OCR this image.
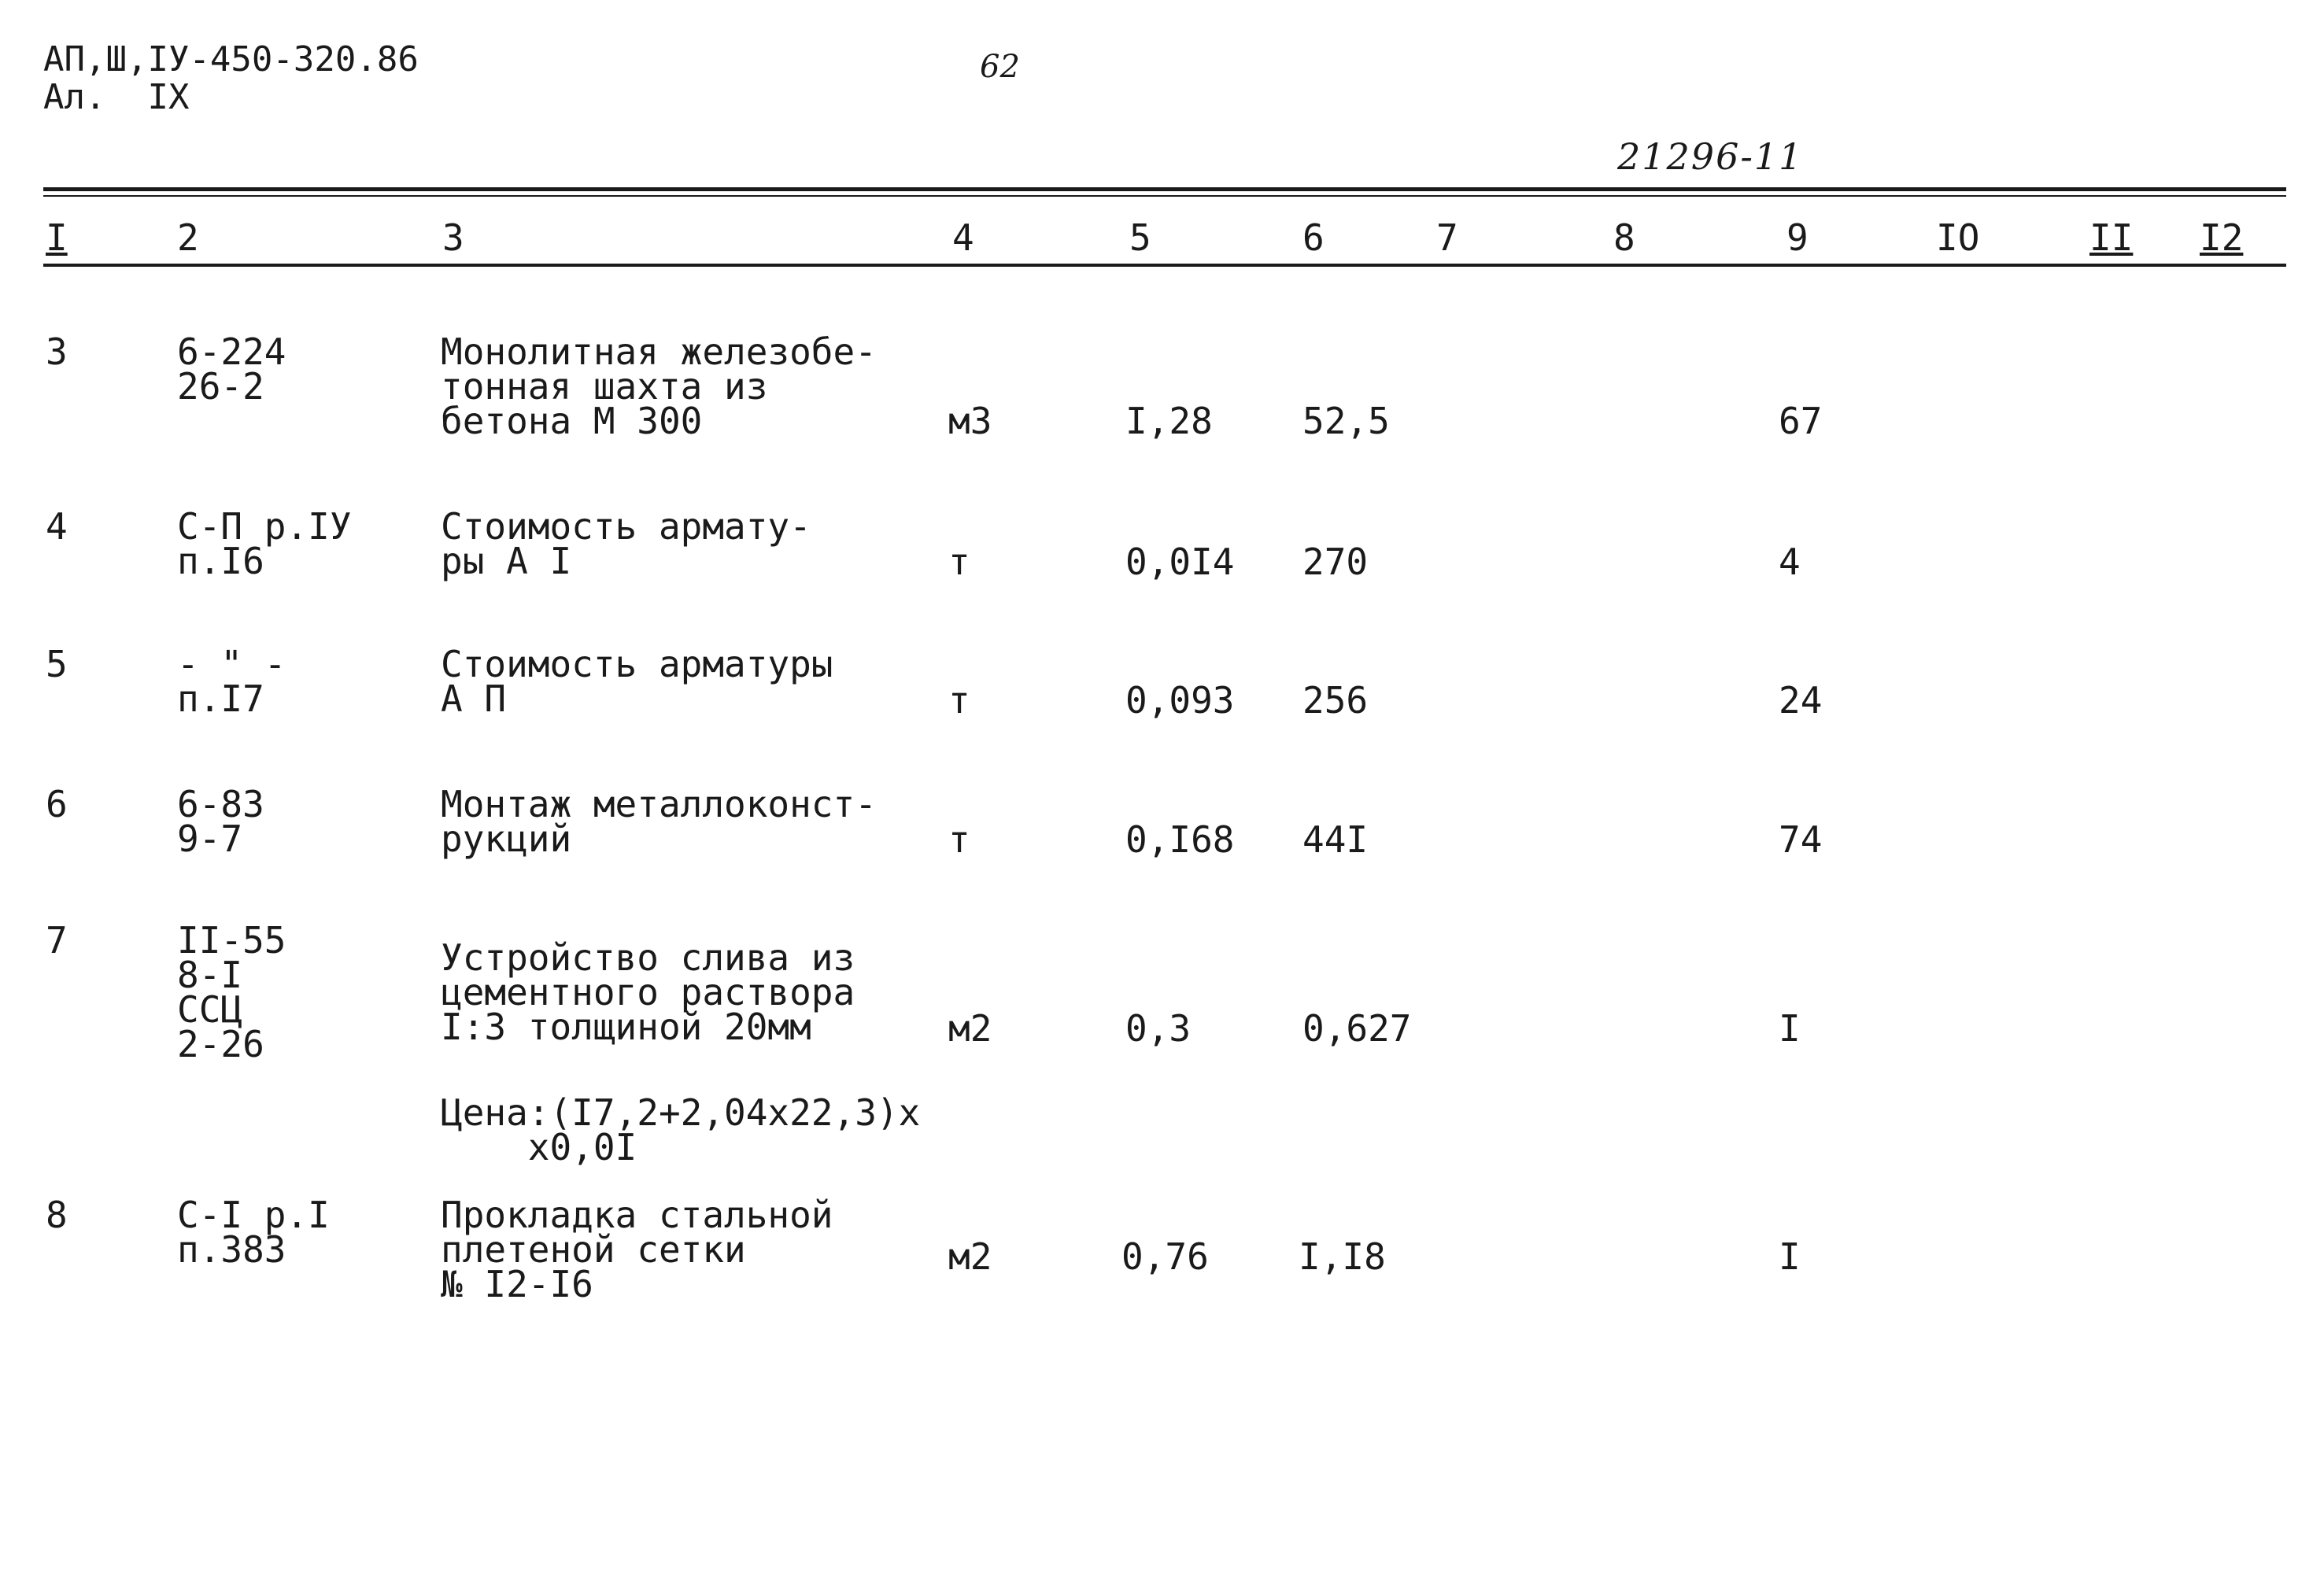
АП,Ш,IУ-450-320.86
Ал.  IХ
62
21296-11
I	2	3	4	5	6	7	8	9	IO	II I2
3	6-224
26-2
Монолитная железобе-
тонная шахта из
бетона М 300	м3	I,28 52,5	67
4	С-П р.IУ
п.I6
Стоимость армату-
ры А I	т	0,0I4 270	4
5	- " -
п.I7
Стоимость арматуры
А П	т	0,093 256	24
6	6-83
9-7
Монтаж металлоконст-
рукций	т	0,I68 44I	74
7	II-55
8-I
ССЦ
2-26
Устройство слива из
цементного раствора
I:3 толщиной 20мм	м2	0,3	0,627	I
Цена:(I7,2+2,04х22,3)х
х0,0I
8	С-I р.I
п.383
Прокладка стальной
плетеной сетки
№ I2-I6
м2	0,76 I,I8	I
